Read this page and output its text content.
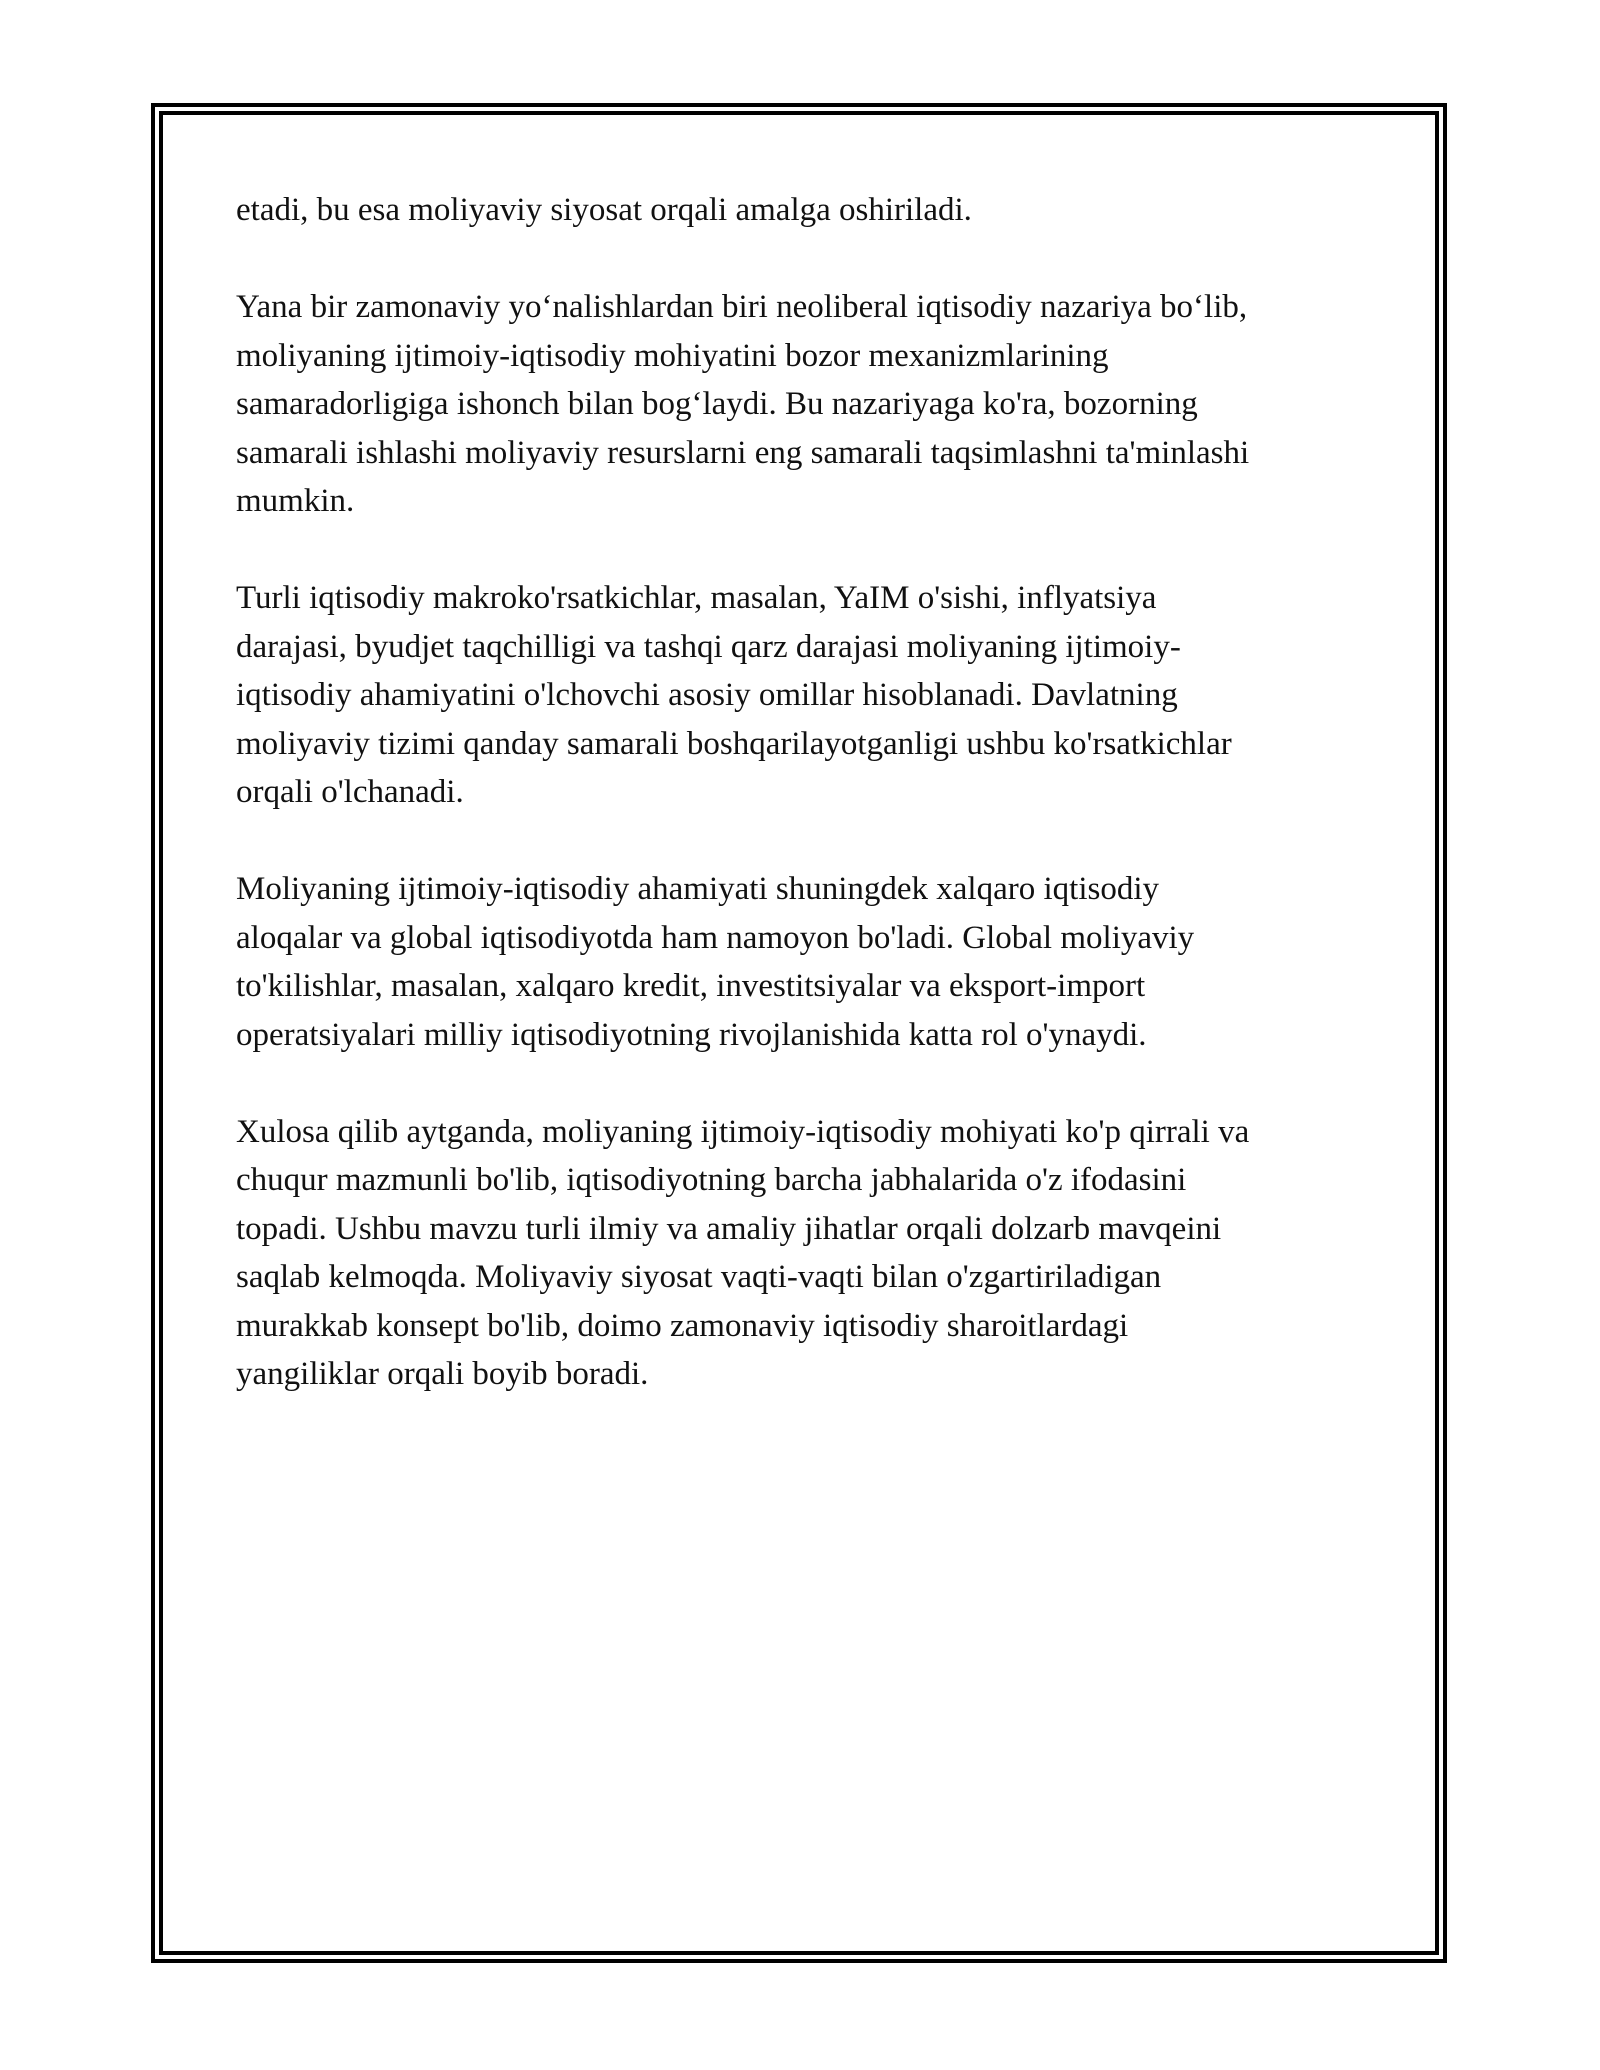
etadi, bu esa moliyaviy siyosat orqali amalga oshiriladi.

Yana bir zamonaviy yo‘nalishlardan biri neoliberal iqtisodiy nazariya bo‘lib,
moliyaning ijtimoiy-iqtisodiy mohiyatini bozor mexanizmlarining
samaradorligiga ishonch bilan bog‘laydi. Bu nazariyaga ko'ra, bozorning
samarali ishlashi moliyaviy resurslarni eng samarali taqsimlashni ta'minlashi
mumkin.

Turli iqtisodiy makroko'rsatkichlar, masalan, YaIM o'sishi, inflyatsiya
darajasi, byudjet taqchilligi va tashqi qarz darajasi moliyaning ijtimoiy-
iqtisodiy ahamiyatini o'lchovchi asosiy omillar hisoblanadi. Davlatning
moliyaviy tizimi qanday samarali boshqarilayotganligi ushbu ko'rsatkichlar
orqali o'lchanadi.

Moliyaning ijtimoiy-iqtisodiy ahamiyati shuningdek xalqaro iqtisodiy
aloqalar va global iqtisodiyotda ham namoyon bo'ladi. Global moliyaviy
to'kilishlar, masalan, xalqaro kredit, investitsiyalar va eksport-import
operatsiyalari milliy iqtisodiyotning rivojlanishida katta rol o'ynaydi.

Xulosa qilib aytganda, moliyaning ijtimoiy-iqtisodiy mohiyati ko'p qirrali va
chuqur mazmunli bo'lib, iqtisodiyotning barcha jabhalarida o'z ifodasini
topadi. Ushbu mavzu turli ilmiy va amaliy jihatlar orqali dolzarb mavqeini
saqlab kelmoqda. Moliyaviy siyosat vaqti-vaqti bilan o'zgartiriladigan
murakkab konsept bo'lib, doimo zamonaviy iqtisodiy sharoitlardagi
yangiliklar orqali boyib boradi.
